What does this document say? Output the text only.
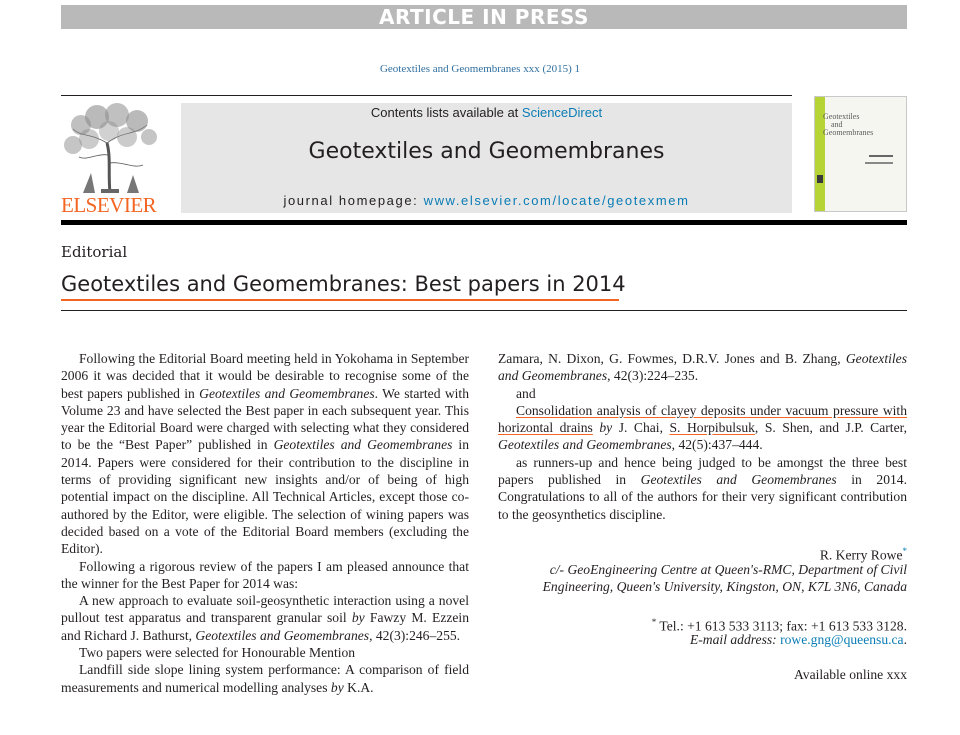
ARTICLE IN PRESS
Geotextiles and Geomembranes xxx (2015) 1
ELSEVIER
Contents lists available at ScienceDirect
Geotextiles and Geomembranes
journal homepage: www.elsevier.com/locate/geotexmem
Geotextiles
and
Geomembranes
Editorial
Geotextiles and Geomembranes: Best papers in 2014

Following the Editorial Board meeting held in Yokohama in September 2006 it was decided that it would be desirable to recognise some of the best papers published in Geotextiles and Geomembranes. We started with Volume 23 and have selected the Best paper in each subsequent year. This year the Editorial Board were charged with selecting what they considered to be the “Best Paper” published in Geotextiles and Geomembranes in 2014. Papers were considered for their contribution to the discipline in terms of providing significant new insights and/or of being of high potential impact on the discipline. All Technical Articles, except those co-authored by the Editor, were eligible. The selection of wining papers was decided based on a vote of the Editorial Board members (excluding the Editor).

Following a rigorous review of the papers I am pleased announce that the winner for the Best Paper for 2014 was:

A new approach to evaluate soil-geosynthetic interaction using a novel pullout test apparatus and transparent granular soil by Fawzy M. Ezzein and Richard J. Bathurst, Geotextiles and Geomembranes, 42(3):246–255.

Two papers were selected for Honourable Mention

Landfill side slope lining system performance: A comparison of field measurements and numerical modelling analyses by K.A.

Zamara, N. Dixon, G. Fowmes, D.R.V. Jones and B. Zhang, Geotextiles and Geomembranes, 42(3):224–235.

and

Consolidation analysis of clayey deposits under vacuum pressure with horizontal drains by J. Chai, S. Horpibulsuk, S. Shen, and J.P. Carter, Geotextiles and Geomembranes, 42(5):437–444.

as runners-up and hence being judged to be amongst the three best papers published in Geotextiles and Geomembranes in 2014. Congratulations to all of the authors for their very significant contribution to the geosynthetics discipline.

R. Kerry Rowe*
c/- GeoEngineering Centre at Queen's-RMC, Department of Civil
Engineering, Queen's University, Kingston, ON, K7L 3N6, Canada
* Tel.: +1 613 533 3113; fax: +1 613 533 3128.
E-mail address: rowe.gng@queensu.ca.
Available online xxx
